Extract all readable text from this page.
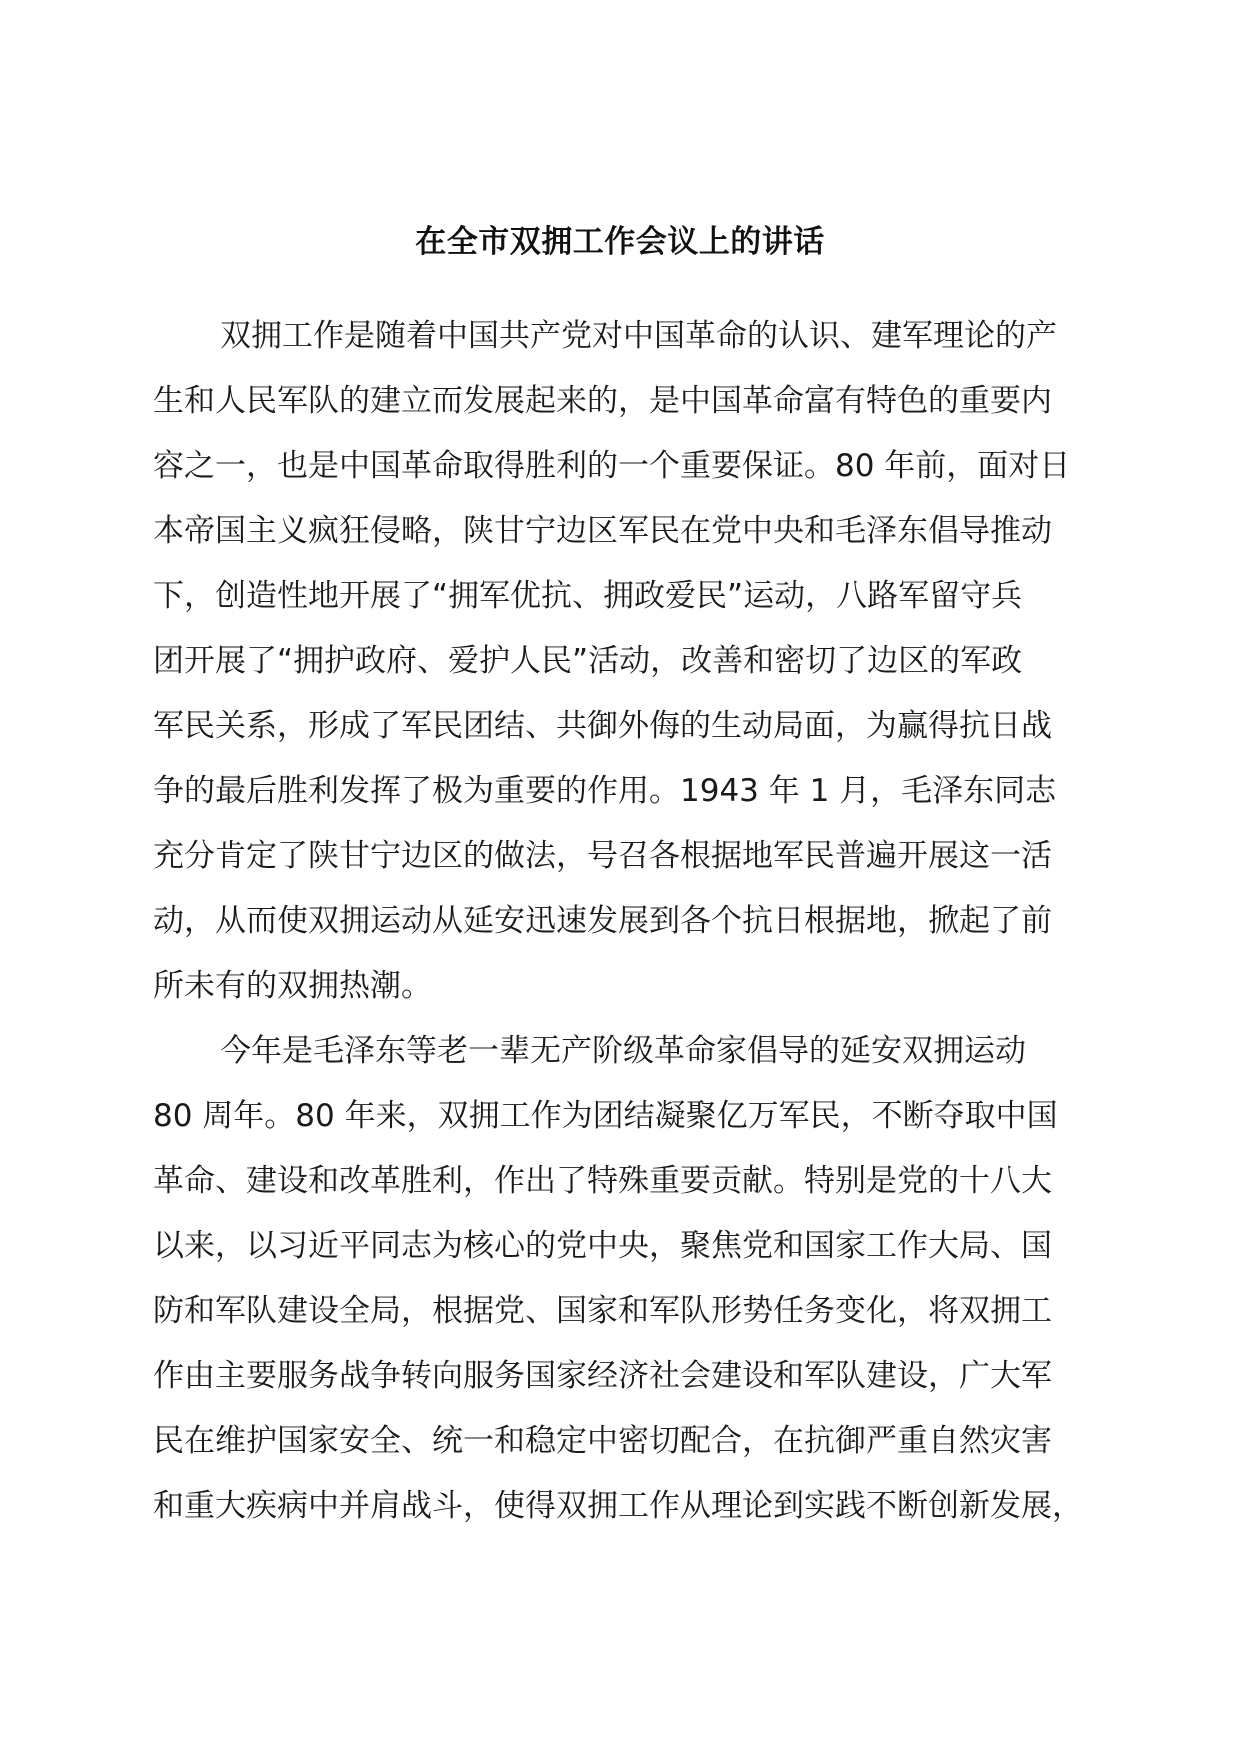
在全市双拥工作会议上的讲话
双拥工作是随着中国共产党对中国革命的认识、建军理论的产
生和人民军队的建立而发展起来的，是中国革命富有特色的重要内
容之一，也是中国革命取得胜利的一个重要保证。80 年前，面对日
本帝国主义疯狂侵略，陕甘宁边区军民在党中央和毛泽东倡导推动
下，创造性地开展了“拥军优抗、拥政爱民”运动，八路军留守兵
团开展了“拥护政府、爱护人民”活动，改善和密切了边区的军政
军民关系，形成了军民团结、共御外侮的生动局面，为赢得抗日战
争的最后胜利发挥了极为重要的作用。1943 年 1 月，毛泽东同志
充分肯定了陕甘宁边区的做法，号召各根据地军民普遍开展这一活
动，从而使双拥运动从延安迅速发展到各个抗日根据地，掀起了前
所未有的双拥热潮。
今年是毛泽东等老一辈无产阶级革命家倡导的延安双拥运动
80 周年。80 年来，双拥工作为团结凝聚亿万军民，不断夺取中国
革命、建设和改革胜利，作出了特殊重要贡献。特别是党的十八大
以来，以习近平同志为核心的党中央，聚焦党和国家工作大局、国
防和军队建设全局，根据党、国家和军队形势任务变化，将双拥工
作由主要服务战争转向服务国家经济社会建设和军队建设，广大军
民在维护国家安全、统一和稳定中密切配合，在抗御严重自然灾害
和重大疾病中并肩战斗，使得双拥工作从理论到实践不断创新发展，
